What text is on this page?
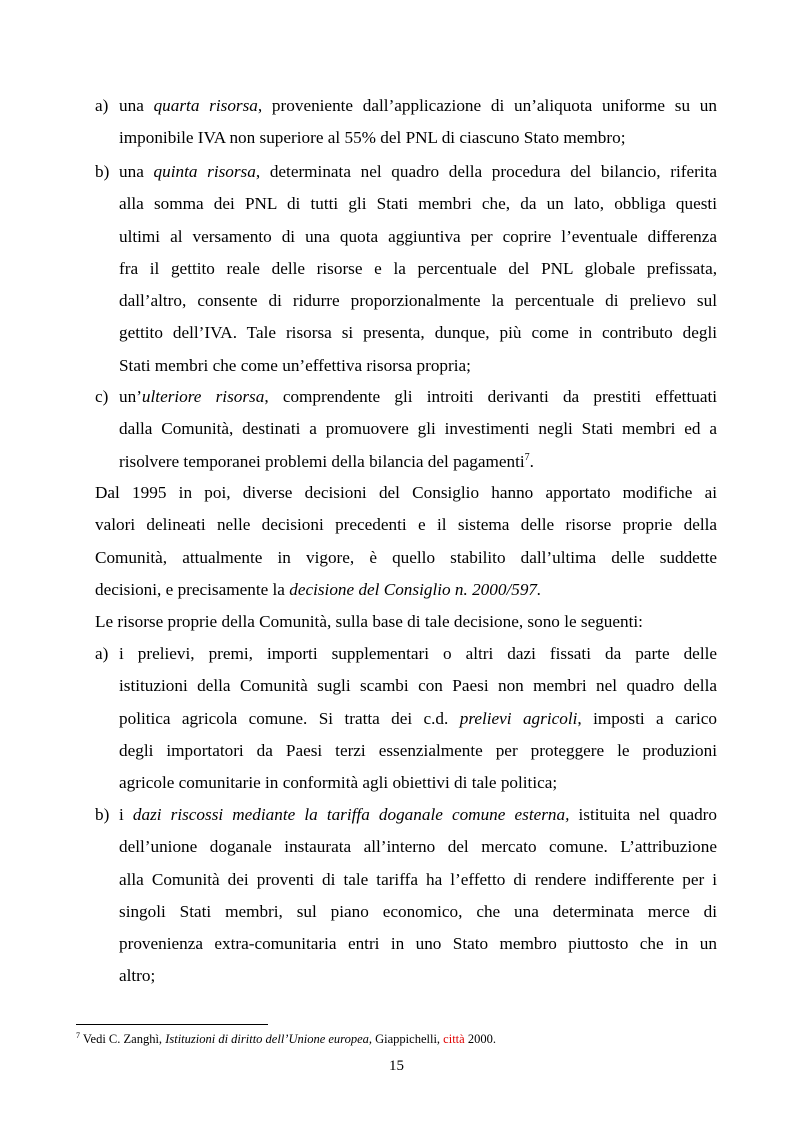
a) una quarta risorsa, proveniente dall’applicazione di un’aliquota uniforme su un
imponibile IVA non superiore al 55% del PNL di ciascuno Stato membro;
b) una quinta risorsa, determinata nel quadro della procedura del bilancio, riferita
alla somma dei PNL di tutti gli Stati membri che, da un lato, obbliga questi
ultimi al versamento di una quota aggiuntiva per coprire l’eventuale differenza
fra il gettito reale delle risorse e la percentuale del PNL globale prefissata,
dall’altro, consente di ridurre proporzionalmente la percentuale di prelievo sul
gettito dell’IVA. Tale risorsa si presenta, dunque, più come in contributo degli
Stati membri che come un’effettiva risorsa propria;
c) un’ulteriore risorsa, comprendente gli introiti derivanti da prestiti effettuati
dalla Comunità, destinati a promuovere gli investimenti negli Stati membri ed a
risolvere temporanei problemi della bilancia del pagamenti$^7$.
Dal 1995 in poi, diverse decisioni del Consiglio hanno apportato modifiche ai
valori delineati nelle decisioni precedenti e il sistema delle risorse proprie della
Comunità, attualmente in vigore, è quello stabilito dall’ultima delle suddette
decisioni, e precisamente la decisione del Consiglio n. 2000/597.
Le risorse proprie della Comunità, sulla base di tale decisione, sono le seguenti:
a) i prelievi, premi, importi supplementari o altri dazi fissati da parte delle
istituzioni della Comunità sugli scambi con Paesi non membri nel quadro della
politica agricola comune. Si tratta dei c.d. prelievi agricoli, imposti a carico
degli importatori da Paesi terzi essenzialmente per proteggere le produzioni
agricole comunitarie in conformità agli obiettivi di tale politica;
b) i dazi riscossi mediante la tariffa doganale comune esterna, istituita nel quadro
dell’unione doganale instaurata all’interno del mercato comune. L’attribuzione
alla Comunità dei proventi di tale tariffa ha l’effetto di rendere indifferente per i
singoli Stati membri, sul piano economico, che una determinata merce di
provenienza extra-comunitaria entri in uno Stato membro piuttosto che in un
altro;
$^7$ Vedi C. Zanghì, Istituzioni di diritto dell’Unione europea, Giappichelli, città 2000.
15
